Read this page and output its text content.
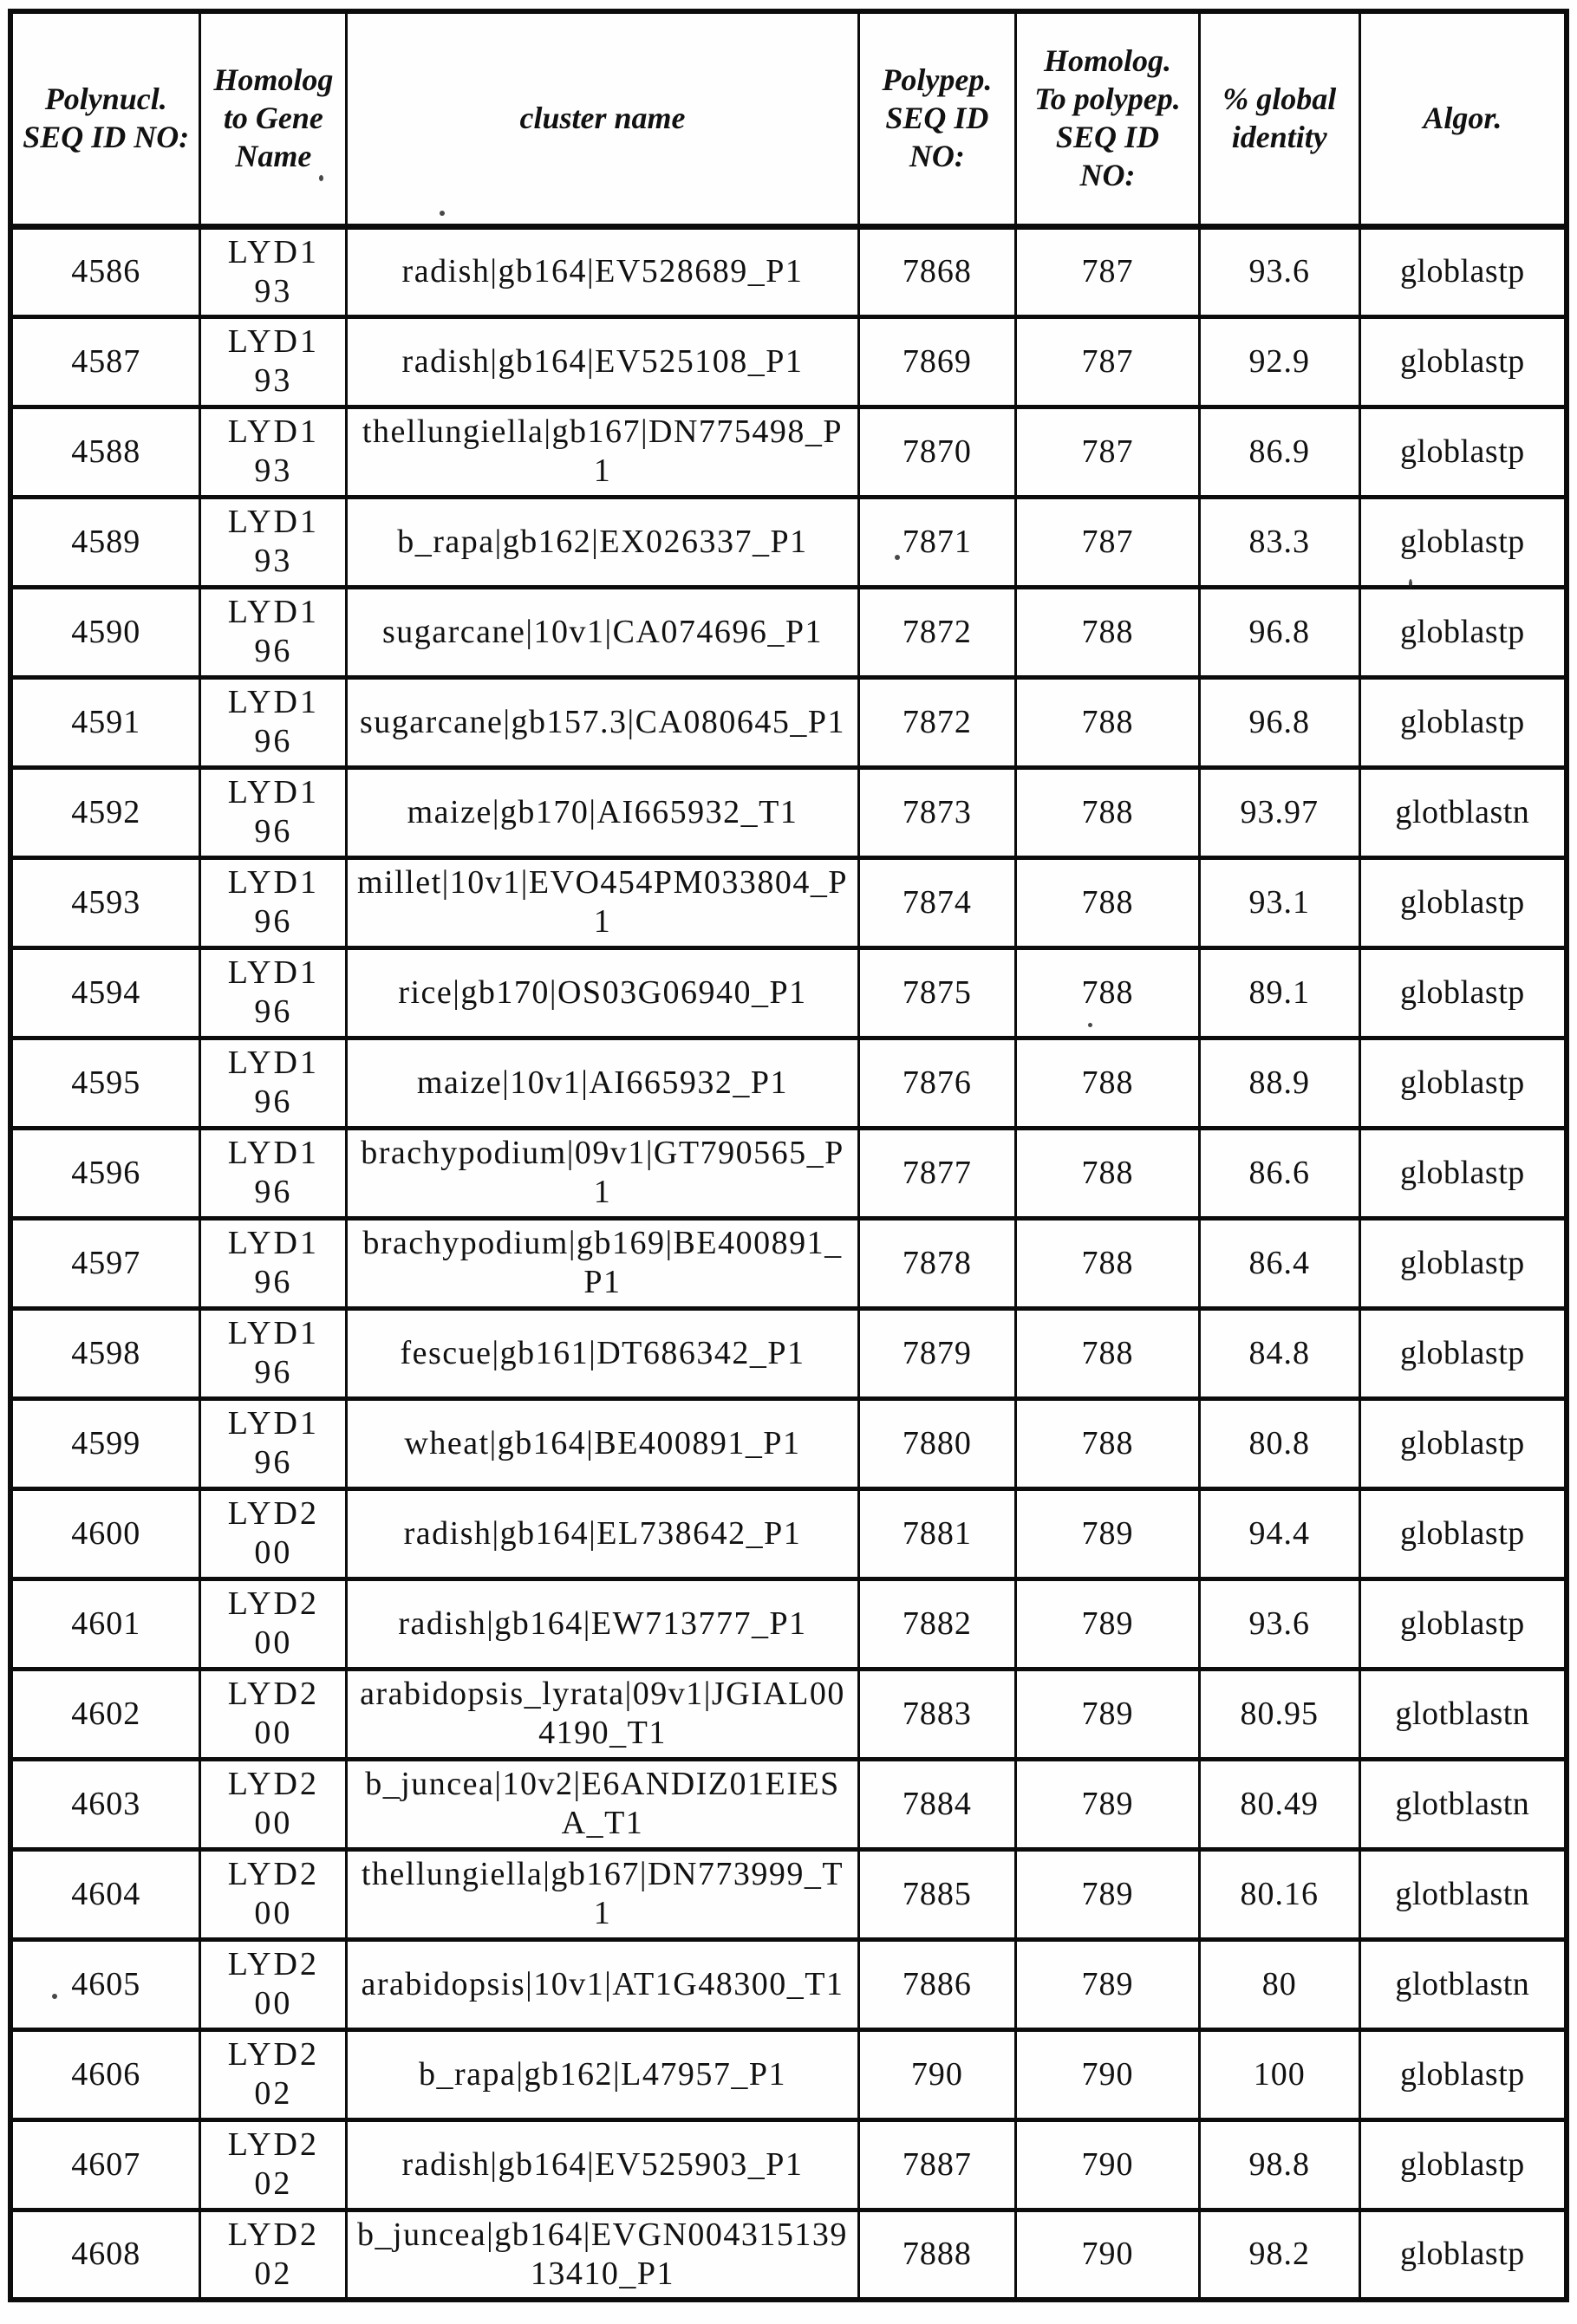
Polynucl. SEQ ID NO:	Homolog to Gene Name	cluster name	Polypep. SEQ ID NO:	Homolog. To polypep. SEQ ID NO:	% global identity	Algor.
4586	LYD193	radish|gb164|EV528689_P1	7868	787	93.6	globlastp
4587	LYD193	radish|gb164|EV525108_P1	7869	787	92.9	globlastp
4588	LYD193	thellungiella|gb167|DN775498_P1	7870	787	86.9	globlastp
4589	LYD193	b_rapa|gb162|EX026337_P1	7871	787	83.3	globlastp
4590	LYD196	sugarcane|10v1|CA074696_P1	7872	788	96.8	globlastp
4591	LYD196	sugarcane|gb157.3|CA080645_P1	7872	788	96.8	globlastp
4592	LYD196	maize|gb170|AI665932_T1	7873	788	93.97	glotblastn
4593	LYD196	millet|10v1|EVO454PM033804_P1	7874	788	93.1	globlastp
4594	LYD196	rice|gb170|OS03G06940_P1	7875	788	89.1	globlastp
4595	LYD196	maize|10v1|AI665932_P1	7876	788	88.9	globlastp
4596	LYD196	brachypodium|09v1|GT790565_P1	7877	788	86.6	globlastp
4597	LYD196	brachypodium|gb169|BE400891_P1	7878	788	86.4	globlastp
4598	LYD196	fescue|gb161|DT686342_P1	7879	788	84.8	globlastp
4599	LYD196	wheat|gb164|BE400891_P1	7880	788	80.8	globlastp
4600	LYD200	radish|gb164|EL738642_P1	7881	789	94.4	globlastp
4601	LYD200	radish|gb164|EW713777_P1	7882	789	93.6	globlastp
4602	LYD200	arabidopsis_lyrata|09v1|JGIAL004190_T1	7883	789	80.95	glotblastn
4603	LYD200	b_juncea|10v2|E6ANDIZ01EIESA_T1	7884	789	80.49	glotblastn
4604	LYD200	thellungiella|gb167|DN773999_T1	7885	789	80.16	glotblastn
4605	LYD200	arabidopsis|10v1|AT1G48300_T1	7886	789	80	glotblastn
4606	LYD202	b_rapa|gb162|L47957_P1	790	790	100	globlastp
4607	LYD202	radish|gb164|EV525903_P1	7887	790	98.8	globlastp
4608	LYD202	b_juncea|gb164|EVGN00431513913410_P1	7888	790	98.2	globlastp
